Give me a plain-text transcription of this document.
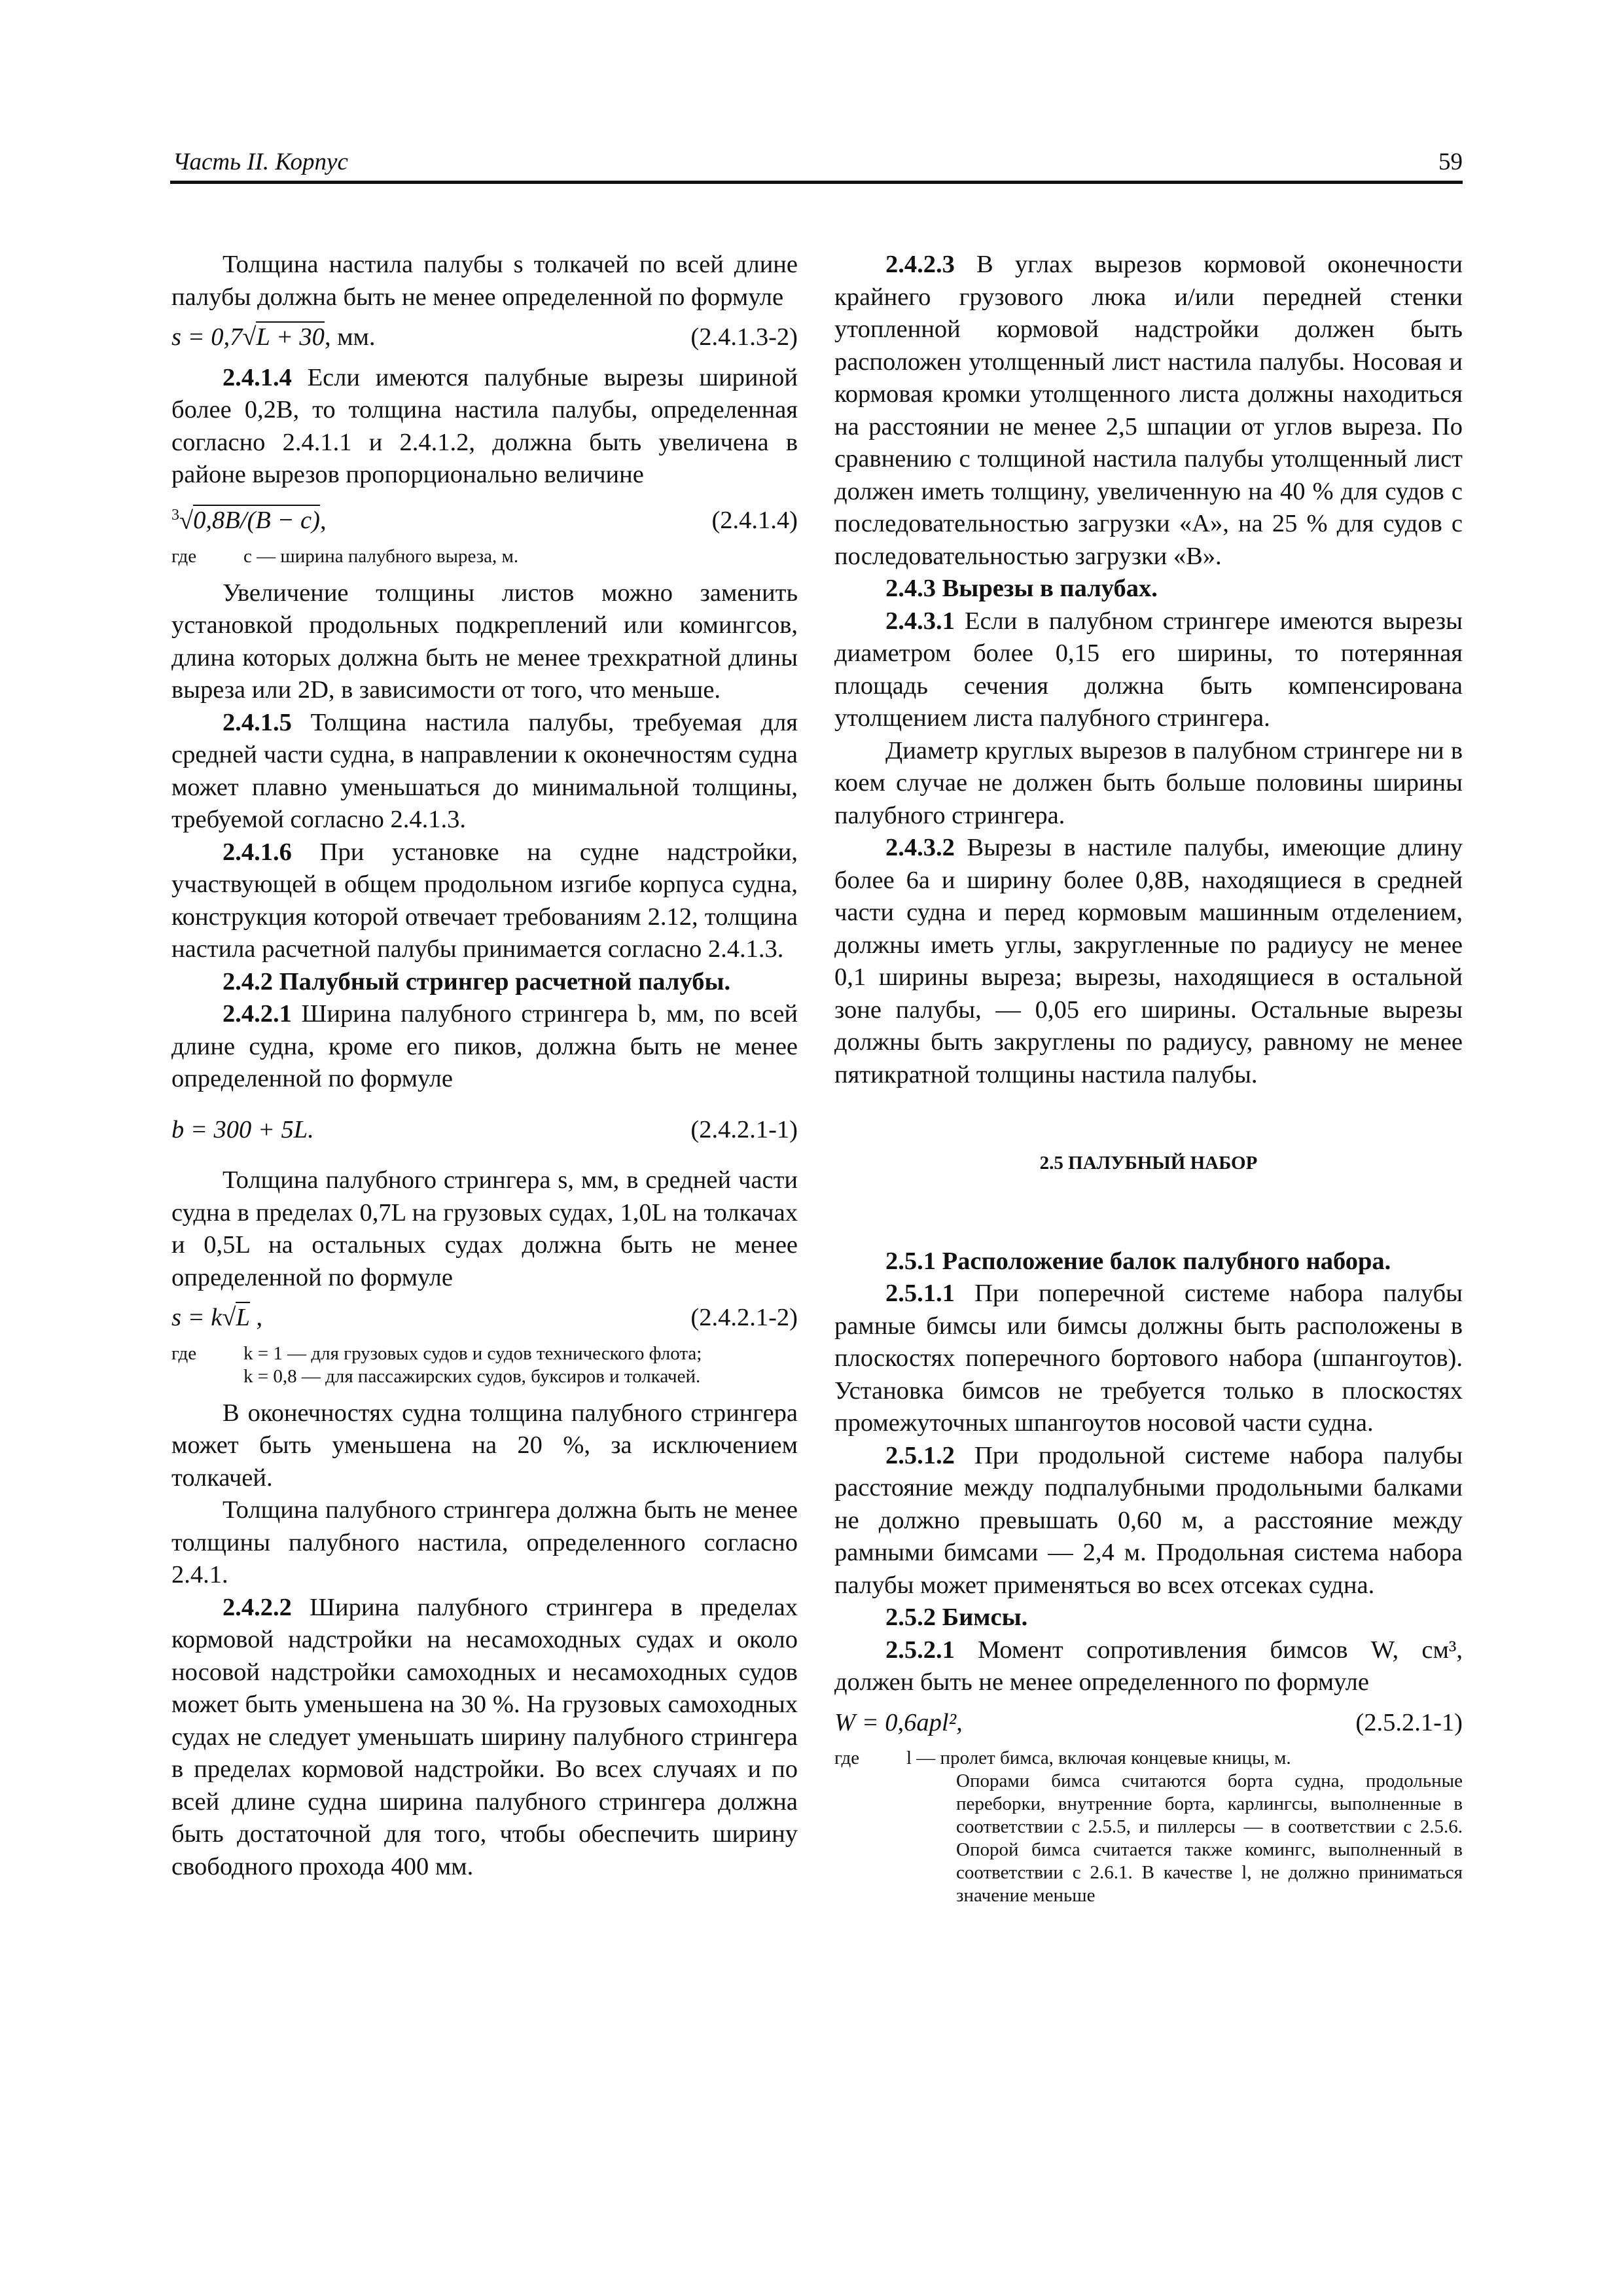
Часть II. Корпус	59

Толщина настила палубы s толкачей по всей длине палубы должна быть не менее определенной по формуле

s = 0,7√L + 30, мм.	(2.4.1.3-2)

2.4.1.4 Если имеются палубные вырезы шириной более 0,2B, то толщина настила палубы, определенная согласно 2.4.1.1 и 2.4.1.2, должна быть увеличена в районе вырезов пропорционально величине

$^3$√0,8B/(B − c),	(2.4.1.4)
где	c — ширина палубного выреза, м.

Увеличение толщины листов можно заменить установкой продольных подкреплений или комингсов, длина которых должна быть не менее трехкратной длины выреза или 2D, в зависимости от того, что меньше.

2.4.1.5 Толщина настила палубы, требуемая для средней части судна, в направлении к оконечностям судна может плавно уменьшаться до минимальной толщины, требуемой согласно 2.4.1.3.

2.4.1.6 При установке на судне надстройки, участвующей в общем продольном изгибе корпуса судна, конструкция которой отвечает требованиям 2.12, толщина настила расчетной палубы принимается согласно 2.4.1.3.

2.4.2 Палубный стрингер расчетной палубы.

2.4.2.1 Ширина палубного стрингера b, мм, по всей длине судна, кроме его пиков, должна быть не менее определенной по формуле

b = 300 + 5L.	(2.4.2.1-1)

Толщина палубного стрингера s, мм, в средней части судна в пределах 0,7L на грузовых судах, 1,0L на толкачах и 0,5L на остальных судах должна быть не менее определенной по формуле

s = k√L ,	(2.4.2.1-2)
где	k = 1 — для грузовых судов и судов технического флота;
k = 0,8 — для пассажирских судов, буксиров и толкачей.

В оконечностях судна толщина палубного стрингера может быть уменьшена на 20 %, за исключением толкачей.

Толщина палубного стрингера должна быть не менее толщины палубного настила, определенного согласно 2.4.1.

2.4.2.2 Ширина палубного стрингера в пределах кормовой надстройки на несамоходных судах и около носовой надстройки самоходных и несамоходных судов может быть уменьшена на 30 %. На грузовых самоходных судах не следует уменьшать ширину палубного стрингера в пределах кормовой надстройки. Во всех случаях и по всей длине судна ширина палубного стрингера должна быть достаточной для того, чтобы обеспечить ширину свободного прохода 400 мм.

2.4.2.3 В углах вырезов кормовой оконечности крайнего грузового люка и/или передней стенки утопленной кормовой надстройки должен быть расположен утолщенный лист настила палубы. Носовая и кормовая кромки утолщенного листа должны находиться на расстоянии не менее 2,5 шпации от углов выреза. По сравнению с толщиной настила палубы утолщенный лист должен иметь толщину, увеличенную на 40 % для судов с последовательностью загрузки «А», на 25 % для судов с последовательностью загрузки «В».

2.4.3 Вырезы в палубах.

2.4.3.1 Если в палубном стрингере имеются вырезы диаметром более 0,15 его ширины, то потерянная площадь сечения должна быть компенсирована утолщением листа палубного стрингера.

Диаметр круглых вырезов в палубном стрингере ни в коем случае не должен быть больше половины ширины палубного стрингера.

2.4.3.2 Вырезы в настиле палубы, имеющие длину более 6a и ширину более 0,8B, находящиеся в средней части судна и перед кормовым машинным отделением, должны иметь углы, закругленные по радиусу не менее 0,1 ширины выреза; вырезы, находящиеся в остальной зоне палубы, — 0,05 его ширины. Остальные вырезы должны быть закруглены по радиусу, равному не менее пятикратной толщины настила палубы.

2.5 ПАЛУБНЫЙ НАБОР

2.5.1 Расположение балок палубного набора.

2.5.1.1 При поперечной системе набора палубы рамные бимсы или бимсы должны быть расположены в плоскостях поперечного бортового набора (шпангоутов). Установка бимсов не требуется только в плоскостях промежуточных шпангоутов носовой части судна.

2.5.1.2 При продольной системе набора палубы расстояние между подпалубными продольными балками не должно превышать 0,60 м, а расстояние между рамными бимсами — 2,4 м. Продольная система набора палубы может применяться во всех отсеках судна.

2.5.2 Бимсы.

2.5.2.1 Момент сопротивления бимсов W, см³, должен быть не менее определенного по формуле

W = 0,6apl²,	(2.5.2.1-1)
где	l — пролет бимса, включая концевые кницы, м.
Опорами бимса считаются борта судна, продольные переборки, внутренние борта, карлингсы, выполненные в соответствии с 2.5.5, и пиллерсы — в соответствии с 2.5.6. Опорой бимса считается также комингс, выполненный в соответствии с 2.6.1. В качестве l, не должно приниматься значение меньше
